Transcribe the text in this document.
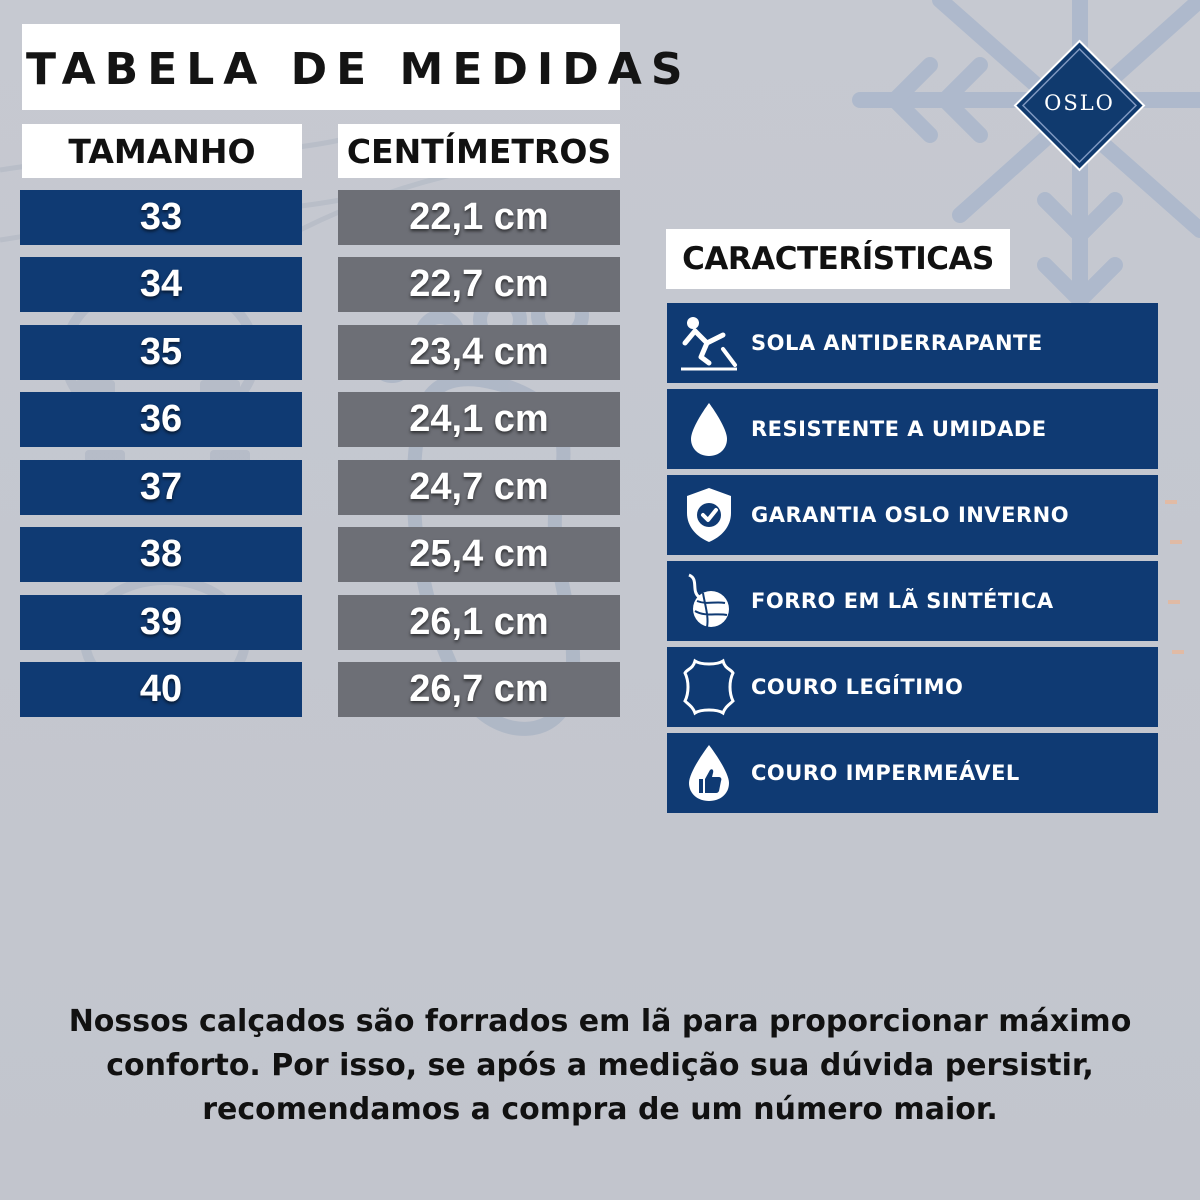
TABELA DE MEDIDAS
OSLO
TAMANHO	CENTÍMETROS
33	22,1 cm
34	22,7 cm
35	23,4 cm
36	24,1 cm
37	24,7 cm
38	25,4 cm
39	26,1 cm
40	26,7 cm
CARACTERÍSTICAS
SOLA ANTIDERRAPANTE
RESISTENTE A UMIDADE
GARANTIA OSLO INVERNO
FORRO EM LÃ SINTÉTICA
COURO LEGÍTIMO
COURO IMPERMEÁVEL
Nossos calçados são forrados em lã para proporcionar máximo
conforto. Por isso, se após a medição sua dúvida persistir,
recomendamos a compra de um número maior.
